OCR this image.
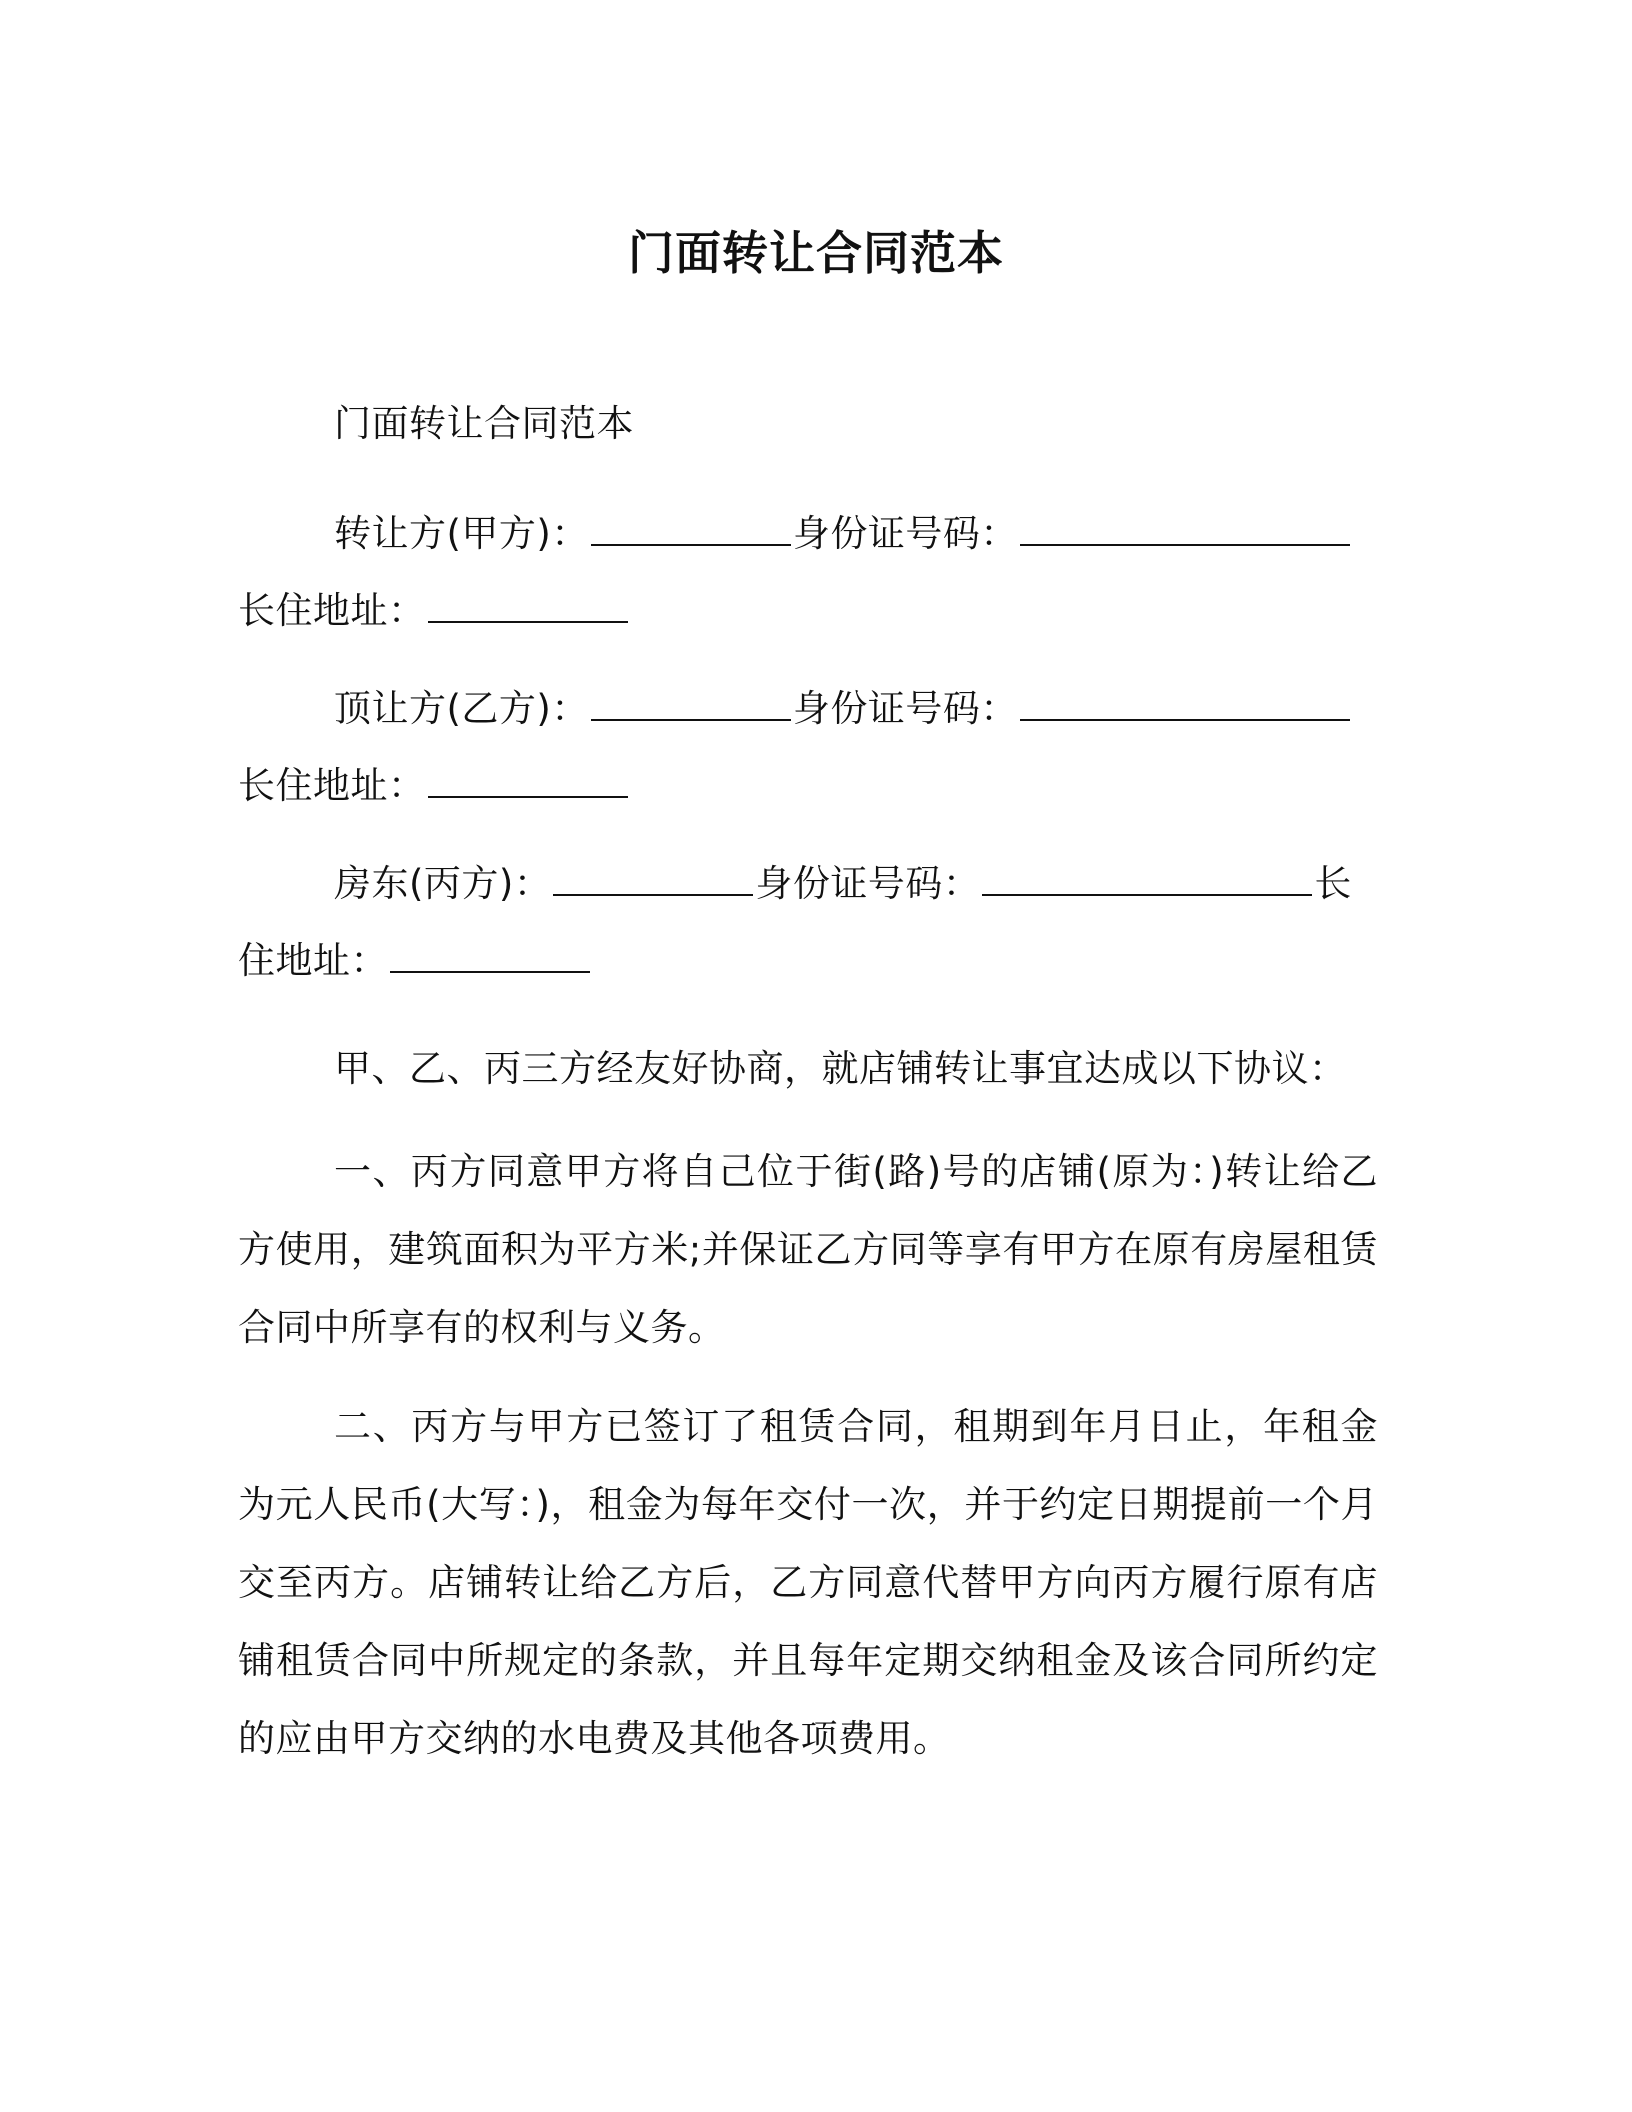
门面转让合同范本
门面转让合同范本
转让方(甲方)：	身份证号码：
长住地址：
顶让方(乙方)：	身份证号码：
长住地址：
房东(丙方)：	身份证号码：	长
住地址：
甲、乙、丙三方经友好协商，就店铺转让事宜达成以下协议：

一、丙方同意甲方将自己位于街(路)号的店铺(原为：)转让给乙方使用，建筑面积为平方米;并保证乙方同等享有甲方在原有房屋租赁合同中所享有的权利与义务。

二、丙方与甲方已签订了租赁合同，租期到年月日止，年租金为元人民币(大写：)，租金为每年交付一次，并于约定日期提前一个月交至丙方。店铺转让给乙方后，乙方同意代替甲方向丙方履行原有店铺租赁合同中所规定的条款，并且每年定期交纳租金及该合同所约定的应由甲方交纳的水电费及其他各项费用。
